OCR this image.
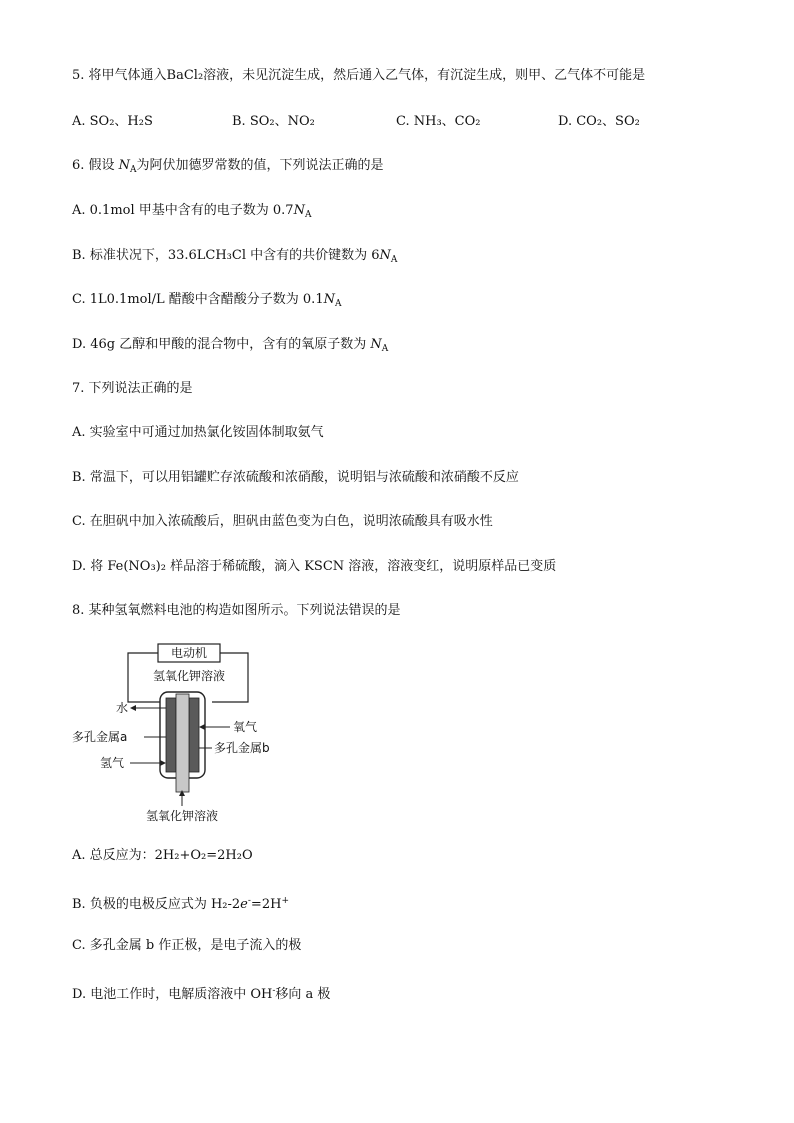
5. 将甲气体通入BaCl₂溶液，未见沉淀生成，然后通入乙气体，有沉淀生成，则甲、乙气体不可能是
A. SO₂、H₂S	B. SO₂、NO₂	C. NH₃、CO₂	D. CO₂、SO₂
6. 假设 $N_A$为阿伏加德罗常数的值，下列说法正确的是
A. 0.1mol 甲基中含有的电子数为 $0.7N_A$
B. 标准状况下，33.6LCH₃Cl 中含有的共价键数为 $6N_A$
C. 1L0.1mol/L 醋酸中含醋酸分子数为 $0.1N_A$
D. 46g 乙醇和甲酸的混合物中，含有的氧原子数为 $N_A$
7. 下列说法正确的是
A. 实验室中可通过加热氯化铵固体制取氨气
B. 常温下，可以用铝罐贮存浓硫酸和浓硝酸，说明铝与浓硫酸和浓硝酸不反应
C. 在胆矾中加入浓硫酸后，胆矾由蓝色变为白色，说明浓硫酸具有吸水性
D. 将 Fe(NO₃)₂ 样品溶于稀硫酸，滴入 KSCN 溶液，溶液变红，说明原样品已变质
8. 某种氢氧燃料电池的构造如图所示。下列说法错误的是
电动机
氢氧化钾溶液
水
多孔金属a
氢气
氧气
多孔金属b
氢氧化钾溶液
A. 总反应为：2H₂+O₂=2H₂O
B. 负极的电极反应式为 H₂-2e-=2H+
C. 多孔金属 b 作正极，是电子流入的极
D. 电池工作时，电解质溶液中 OH-移向 a 极
